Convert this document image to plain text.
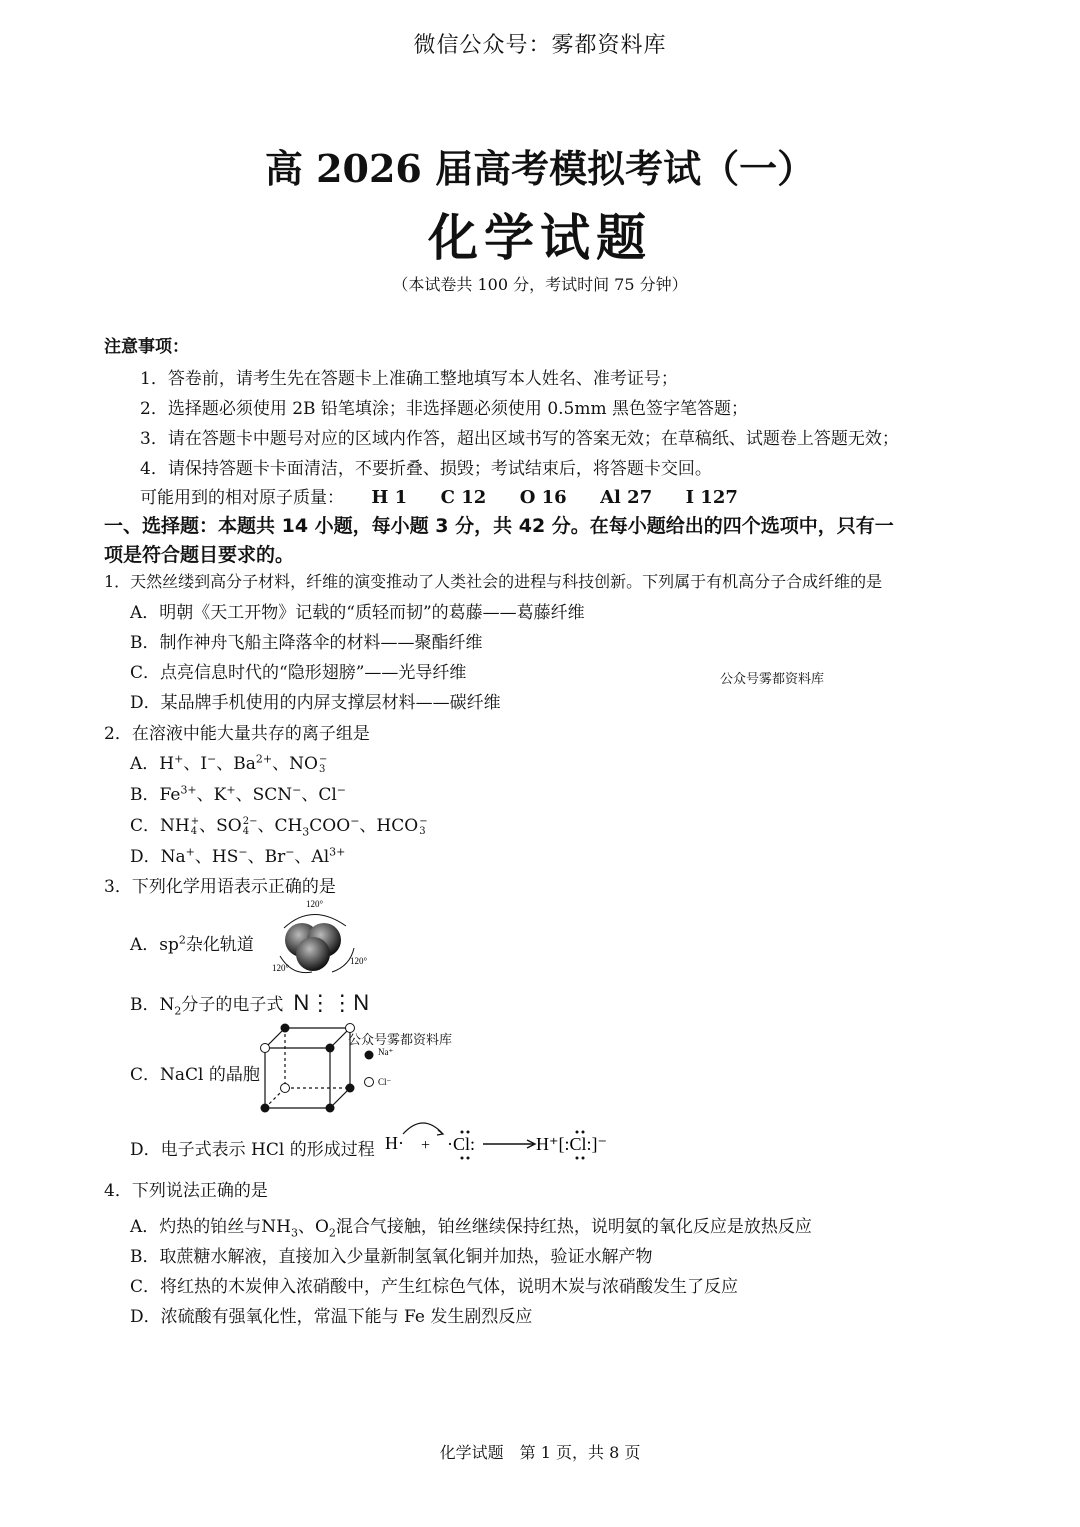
微信公众号：雾都资料库
高 2026 届高考模拟考试（一）
化学试题
（本试卷共 100 分，考试时间 75 分钟）
注意事项：
1．答卷前，请考生先在答题卡上准确工整地填写本人姓名、准考证号；
2．选择题必须使用 2B 铅笔填涂；非选择题必须使用 0.5mm 黑色签字笔答题；
3．请在答题卡中题号对应的区域内作答，超出区域书写的答案无效；在草稿纸、试题卷上答题无效；
4．请保持答题卡卡面清洁，不要折叠、损毁；考试结束后，将答题卡交回。
可能用到的相对原子质量： H 1 C 12 O 16 Al 27 I 127
一、选择题：本题共 14 小题，每小题 3 分，共 42 分。在每小题给出的四个选项中，只有一
项是符合题目要求的。
1．天然丝缕到高分子材料，纤维的演变推动了人类社会的进程与科技创新。下列属于有机高分子合成纤维的是
A．明朝《天工开物》记载的“质轻而韧”的葛藤——葛藤纤维
B．制作神舟飞船主降落伞的材料——聚酯纤维
C．点亮信息时代的“隐形翅膀”——光导纤维	公众号雾都资料库
D．某品牌手机使用的内屏支撑层材料——碳纤维
2．在溶液中能大量共存的离子组是
A．H+、I−、$Ba^{2+}$、NO −
3
B．$Fe^{3+}$、K+、SCN−、Cl−
C．NH +
4 、SO 2−
4 、$CH_3COO^-$、HCO −
3
D．Na+、HS−、Br−、$Al^{3+}$
3．下列化学用语表示正确的是
A．$sp^2$杂化轨道
120°
120°
120°
B．$N_2$分子的电子式 N⋮⋮N
C．NaCl 的晶胞
公众号雾都资料库
Na⁺
Cl⁻
D．电子式表示 HCl 的形成过程 H· + ·Cl:	H⁺[:Cl:]⁻
4．下列说法正确的是
A．灼热的铂丝与$NH_3$、$O_2$混合气接触，铂丝继续保持红热，说明氨的氧化反应是放热反应
B．取蔗糖水解液，直接加入少量新制氢氧化铜并加热，验证水解产物
C．将红热的木炭伸入浓硝酸中，产生红棕色气体，说明木炭与浓硝酸发生了反应
D．浓硫酸有强氧化性，常温下能与 Fe 发生剧烈反应
化学试题　第 1 页，共 8 页
